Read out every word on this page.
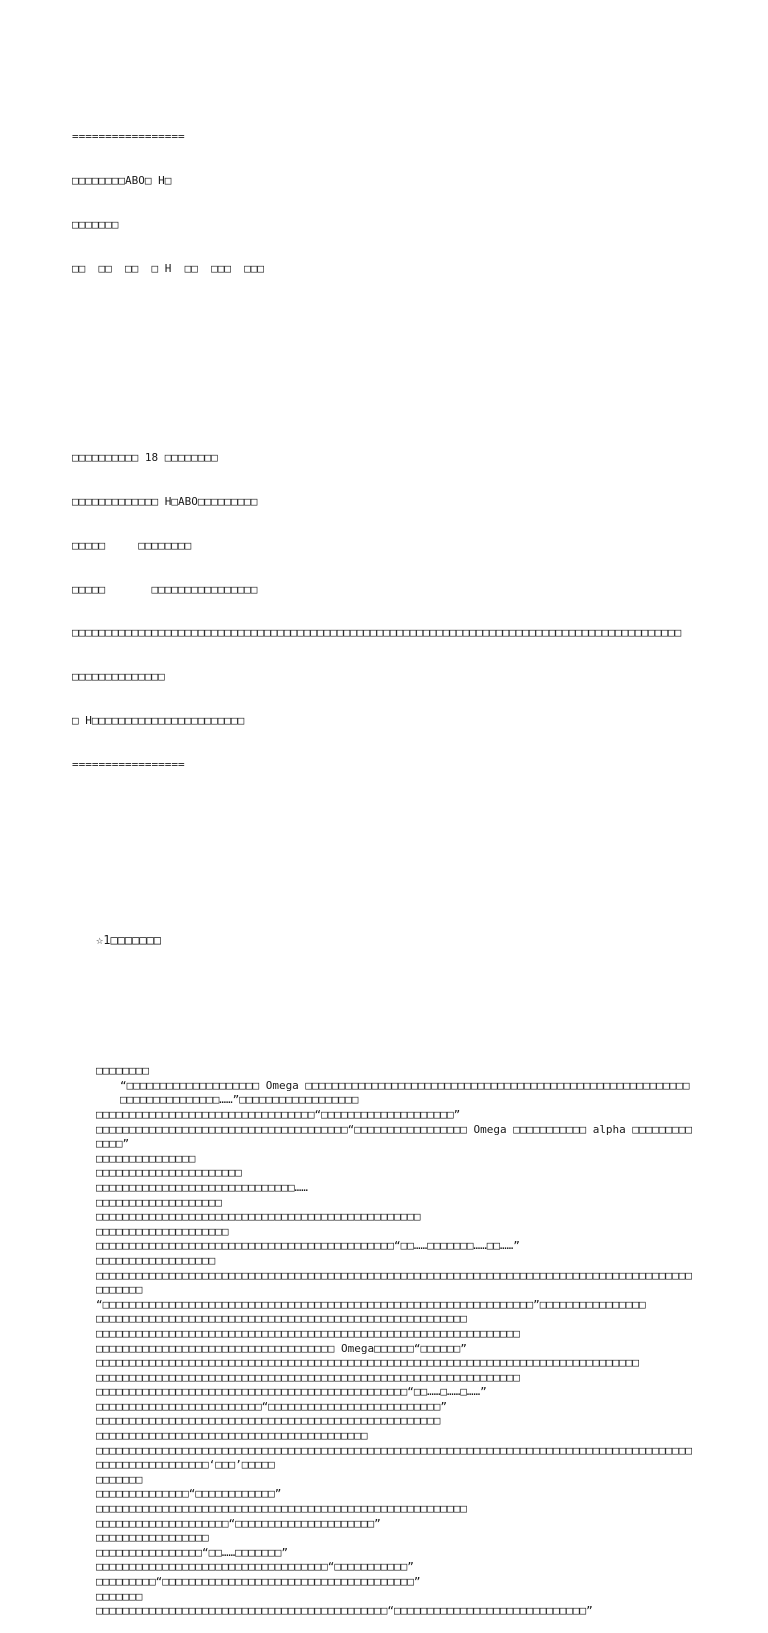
=================

□□□□□□□□ABO□ H□

□□□□□□□

□□  □□  □□  □ H  □□  □□□  □□□

□□□□□□□□□□ 18 □□□□□□□□

□□□□□□□□□□□□□ H□ABO□□□□□□□□□

□□□□□     □□□□□□□□

□□□□□       □□□□□□□□□□□□□□□□

□□□□□□□□□□□□□□□□□□□□□□□□□□□□□□□□□□□□□□□□□□□□□□□□□□□□□□□□□□□□□□□□□□□□□□□□□□□□□□□□□□□□□□□□□□□□

□□□□□□□□□□□□□□

□ H□□□□□□□□□□□□□□□□□□□□□□□

=================

☆1□□□□□□□

□□□□□□□□
“□□□□□□□□□□□□□□□□□□□□ Omega □□□□□□□□□□□□□□□□□□□□□□□□□□□□□□□□□□□□□□□□□□□□□□□□□□□□□□□□□□□□□□□□□□□□□□□□□……”□□□□□□□□□□□□□□□□□□
□□□□□□□□□□□□□□□□□□□□□□□□□□□□□□□□□“□□□□□□□□□□□□□□□□□□□□”
□□□□□□□□□□□□□□□□□□□□□□□□□□□□□□□□□□□□□□“□□□□□□□□□□□□□□□□□ Omega □□□□□□□□□□□ alpha □□□□□□□□□□□□□”
□□□□□□□□□□□□□□□
□□□□□□□□□□□□□□□□□□□□□□
□□□□□□□□□□□□□□□□□□□□□□□□□□□□□□……
□□□□□□□□□□□□□□□□□□□
□□□□□□□□□□□□□□□□□□□□□□□□□□□□□□□□□□□□□□□□□□□□□□□□□
□□□□□□□□□□□□□□□□□□□□
□□□□□□□□□□□□□□□□□□□□□□□□□□□□□□□□□□□□□□□□□□□□□“□□……□□□□□□□……□□……”
□□□□□□□□□□□□□□□□□□
□□□□□□□□□□□□□□□□□□□□□□□□□□□□□□□□□□□□□□□□□□□□□□□□□□□□□□□□□□□□□□□□□□□□□□□□□□□□□□□□□□□□□□□□□□□□□□□□□
“□□□□□□□□□□□□□□□□□□□□□□□□□□□□□□□□□□□□□□□□□□□□□□□□□□□□□□□□□□□□□□□□□”□□□□□□□□□□□□□□□□
□□□□□□□□□□□□□□□□□□□□□□□□□□□□□□□□□□□□□□□□□□□□□□□□□□□□□□□□
□□□□□□□□□□□□□□□□□□□□□□□□□□□□□□□□□□□□□□□□□□□□□□□□□□□□□□□□□□□□□□□□
□□□□□□□□□□□□□□□□□□□□□□□□□□□□□□□□□□□□ Omega□□□□□□“□□□□□□”
□□□□□□□□□□□□□□□□□□□□□□□□□□□□□□□□□□□□□□□□□□□□□□□□□□□□□□□□□□□□□□□□□□□□□□□□□□□□□□□□□□
□□□□□□□□□□□□□□□□□□□□□□□□□□□□□□□□□□□□□□□□□□□□□□□□□□□□□□□□□□□□□□□□
□□□□□□□□□□□□□□□□□□□□□□□□□□□□□□□□□□□□□□□□□□□□□□□“□□……□……□……”
□□□□□□□□□□□□□□□□□□□□□□□□□“□□□□□□□□□□□□□□□□□□□□□□□□□□”
□□□□□□□□□□□□□□□□□□□□□□□□□□□□□□□□□□□□□□□□□□□□□□□□□□□□
□□□□□□□□□□□□□□□□□□□□□□□□□□□□□□□□□□□□□□□□□
□□□□□□□□□□□□□□□□□□□□□□□□□□□□□□□□□□□□□□□□□□□□□□□□□□□□□□□□□□□□□□□□□□□□□□□□□□□□□□□□□□□□□□□□□□
□□□□□□□□□□□□□□□□□‘□□□’□□□□□
□□□□□□□
□□□□□□□□□□□□□□“□□□□□□□□□□□□”
□□□□□□□□□□□□□□□□□□□□□□□□□□□□□□□□□□□□□□□□□□□□□□□□□□□□□□□□
□□□□□□□□□□□□□□□□□□□□“□□□□□□□□□□□□□□□□□□□□□”
□□□□□□□□□□□□□□□□□
□□□□□□□□□□□□□□□□“□□……□□□□□□□”
□□□□□□□□□□□□□□□□□□□□□□□□□□□□□□□□□□□“□□□□□□□□□□□”
□□□□□□□□□“□□□□□□□□□□□□□□□□□□□□□□□□□□□□□□□□□□□□□□”
□□□□□□□
□□□□□□□□□□□□□□□□□□□□□□□□□□□□□□□□□□□□□□□□□□□□“□□□□□□□□□□□□□□□□□□□□□□□□□□□□□”
